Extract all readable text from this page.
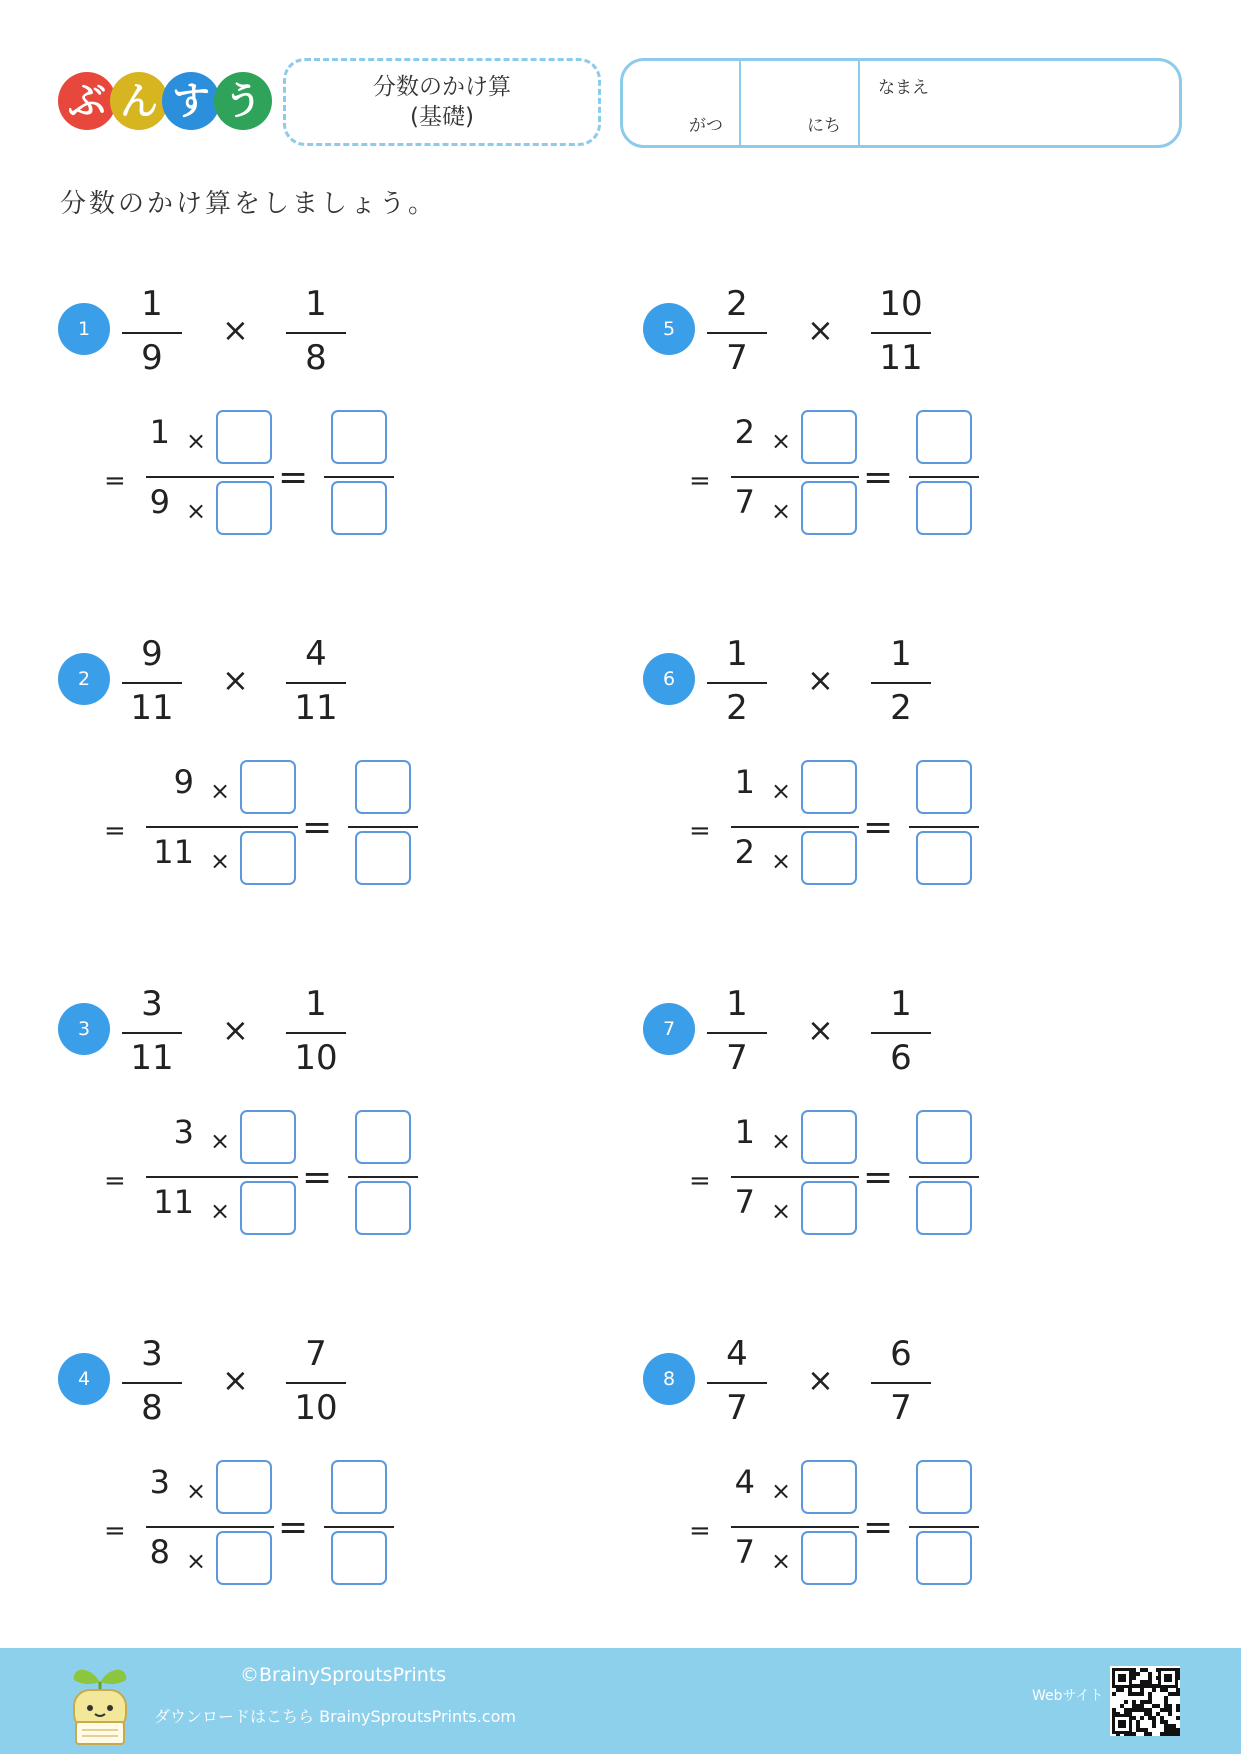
ぶ ん す う	分数のかけ算
(基礎)	がつ	にち
なまえ
分数のかけ算をしましょう。
1
1
9
×
1
8
=
1 ×
9 ×
=
2
9
11
×
4
11
=
9 ×
11 ×
=
3
3
11
×
1
10
=
3 ×
11 ×
=
4
3
8
×
7
10
=
3 ×
8 ×
=
5
2
7
×
10
11
=
2 ×
7 ×
=
6
1
2
×
1
2
=
1 ×
2 ×
=
7
1
7
×
1
6
=
1 ×
7 ×
=
8
4
7
×
6
7
=
4 ×
7 ×
=
©BrainySproutsPrints
ダウンロードはこちら BrainySproutsPrints.com
Webサイト
